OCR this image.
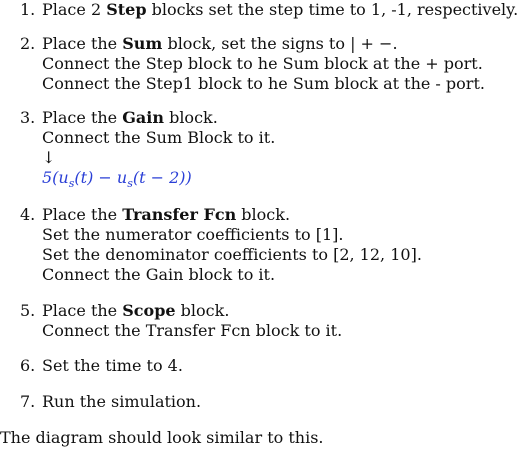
1. Place 2 Step blocks set the step time to 1, -1, respectively.
2. Place the Sum block, set the signs to | + −.
Connect the Step block to he Sum block at the + port.
Connect the Step1 block to he Sum block at the - port.
3. Place the Gain block.
Connect the Sum Block to it.
↓
$5(u_s(t) - u_s(t - 2))$
4. Place the Transfer Fcn block.
Set the numerator coefficients to [1].
Set the denominator coefficients to [2, 12, 10].
Connect the Gain block to it.
5. Place the Scope block.
Connect the Transfer Fcn block to it.
6. Set the time to 4.
7. Run the simulation.
The diagram should look similar to this.
